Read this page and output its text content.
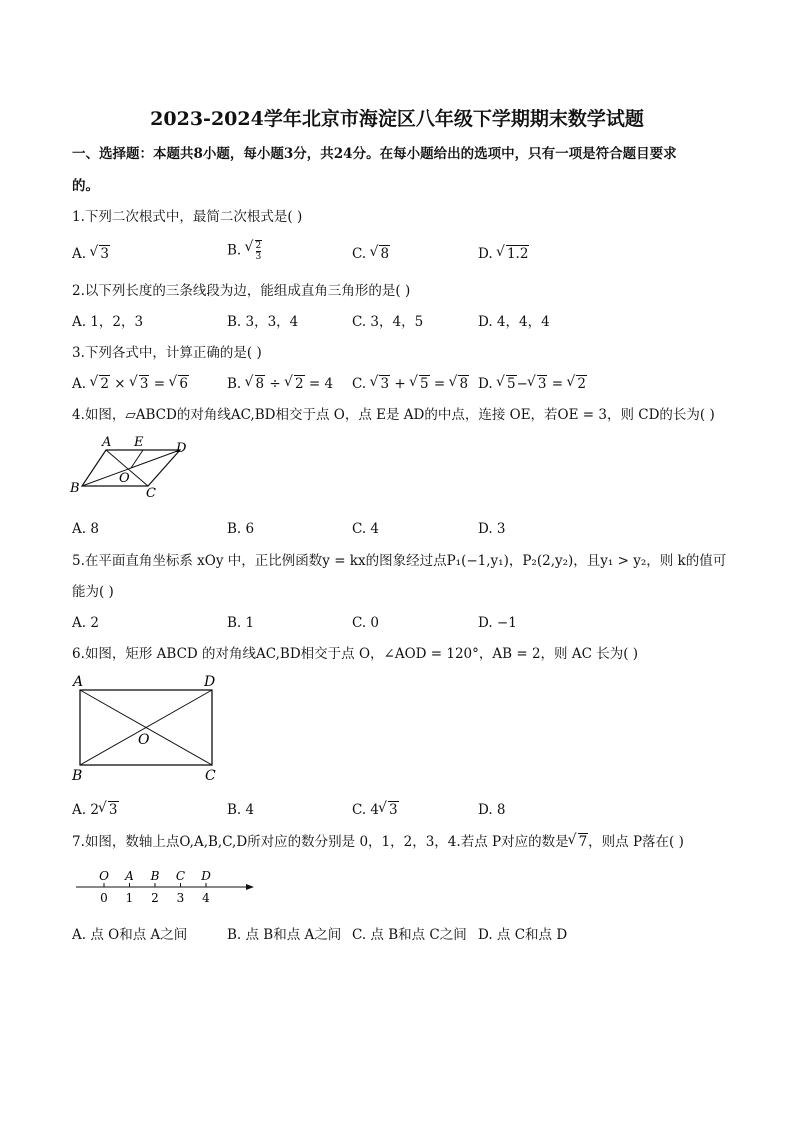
2023-2024学年北京市海淀区八年级下学期期末数学试题
一、选择题：本题共8小题，每小题3分，共24分。在每小题给出的选项中，只有一项是符合题目要求
的。
1.下列二次根式中，最简二次根式是( )
A. √ 3	B. √ $\frac{2}{3}$	C. √ 8	D. √ 1.2
2.以下列长度的三条线段为边，能组成直角三角形的是( )
A. 1，2，3	B. 3，3，4	C. 3，4，5	D. 4，4，4
3.下列各式中，计算正确的是( )
A. √ 2 × √ 3 = √ 6	B. √ 8 ÷ √ 2 = 4 C. √ 3 + √ 5 = √ 8 D. √ 5− √ 3 = √ 2
4.如图，▱ABCD的对角线AC,BD相交于点 O，点 E是 AD的中点，连接 OE，若OE = 3，则 CD的长为( )
A E	D
O
B	C
A. 8	B. 6	C. 4	D. 3
5.在平面直角坐标系 xOy 中，正比例函数y = kx的图象经过点P₁(−1,y₁)，P₂(2,y₂)，且y₁ > y₂，则 k的值可
能为( )
A. 2	B. 1	C. 0	D. −1
6.如图，矩形 ABCD 的对角线AC,BD相交于点 O，∠AOD = 120°，AB = 2，则 AC 长为( )
A	D
O
B	C
A. 2 √ 3	B. 4	C. 4 √ 3	D. 8
7.如图，数轴上点O,A,B,C,D所对应的数分别是 0，1，2，3，4.若点 P对应的数是 √ 7，则点 P落在( )
O
0
A
1
B
2
C
3
D
4
A. 点 O和点 A之间	B. 点 B和点 A之间 C. 点 B和点 C之间 D. 点 C和点 D
